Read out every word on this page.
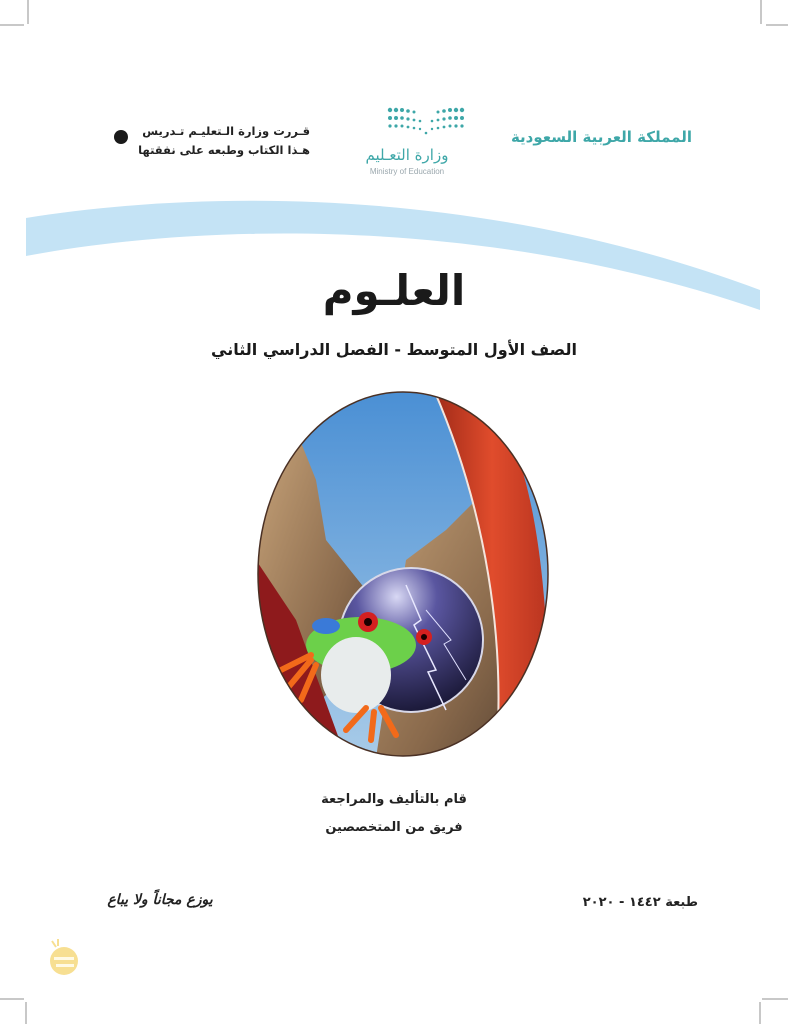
المملكة العربية السعودية
وزارة التعـليم
Ministry of Education
قـررت وزارة الـتعليـم تـدريس
هـذا الكتاب وطبعه على نفقتها
العلـوم
الصف الأول المتوسط - الفصل الدراسي الثاني
قام بالتأليف والمراجعة
فريق من المتخصصين
يوزع مجاناً ولا يباع	طبعة ١٤٤٢ - ٢٠٢٠
